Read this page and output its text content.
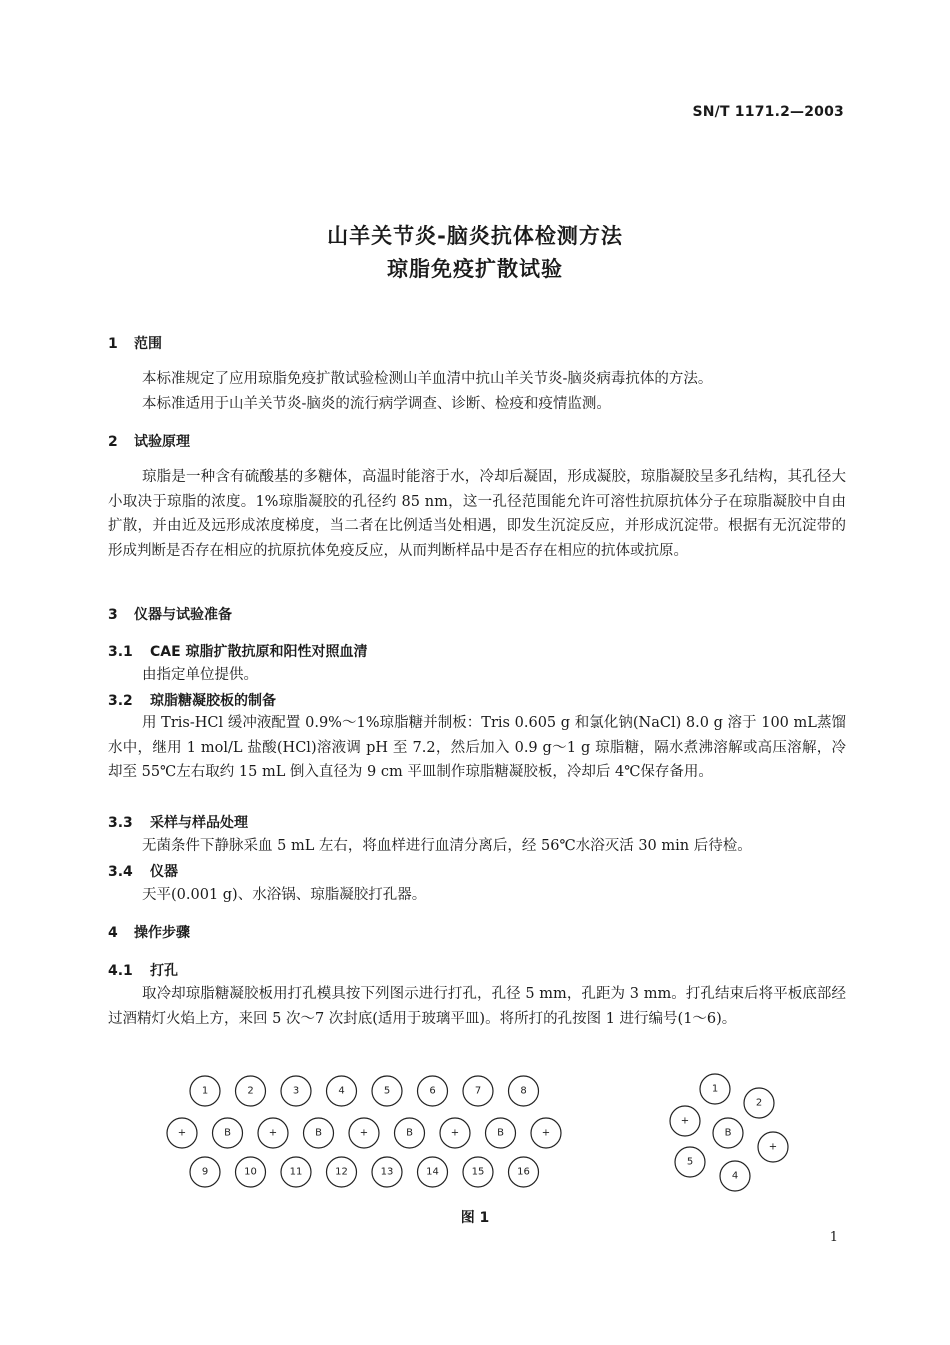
SN/T 1171.2—2003
山羊关节炎-脑炎抗体检测方法
琼脂免疫扩散试验
1 范围
本标准规定了应用琼脂免疫扩散试验检测山羊血清中抗山羊关节炎-脑炎病毒抗体的方法。
本标准适用于山羊关节炎-脑炎的流行病学调查、诊断、检疫和疫情监测。
2 试验原理
琼脂是一种含有硫酸基的多糖体，高温时能溶于水，冷却后凝固，形成凝胶，琼脂凝胶呈多孔结构，其孔径大小取决于琼脂的浓度。1%琼脂凝胶的孔径约 85 nm，这一孔径范围能允许可溶性抗原抗体分子在琼脂凝胶中自由扩散，并由近及远形成浓度梯度，当二者在比例适当处相遇，即发生沉淀反应，并形成沉淀带。根据有无沉淀带的形成判断是否存在相应的抗原抗体免疫反应，从而判断样品中是否存在相应的抗体或抗原。
3 仪器与试验准备
3.1 CAE 琼脂扩散抗原和阳性对照血清
由指定单位提供。
3.2 琼脂糖凝胶板的制备
用 Tris-HCl 缓冲液配置 0.9%～1%琼脂糖并制板：Tris 0.605 g 和氯化钠(NaCl) 8.0 g 溶于 100 mL蒸馏水中，继用 1 mol/L 盐酸(HCl)溶液调 pH 至 7.2，然后加入 0.9 g～1 g 琼脂糖，隔水煮沸溶解或高压溶解，冷却至 55℃左右取约 15 mL 倒入直径为 9 cm 平皿制作琼脂糖凝胶板，冷却后 4℃保存备用。
3.3 采样与样品处理
无菌条件下静脉采血 5 mL 左右，将血样进行血清分离后，经 56℃水浴灭活 30 min 后待检。
3.4 仪器
天平(0.001 g)、水浴锅、琼脂凝胶打孔器。
4 操作步骤
4.1 打孔
取冷却琼脂糖凝胶板用打孔模具按下列图示进行打孔，孔径 5 mm，孔距为 3 mm。打孔结束后将平板底部经过酒精灯火焰上方，来回 5 次～7 次封底(适用于玻璃平皿)。将所打的孔按图 1 进行编号(1～6)。
1	2	3	4	5	6	7	8
+	B	+	B	+	B	+	B	+
9	10	11	12	13	14	15	16
B
1
2
+
4
5
+
图 1
1
